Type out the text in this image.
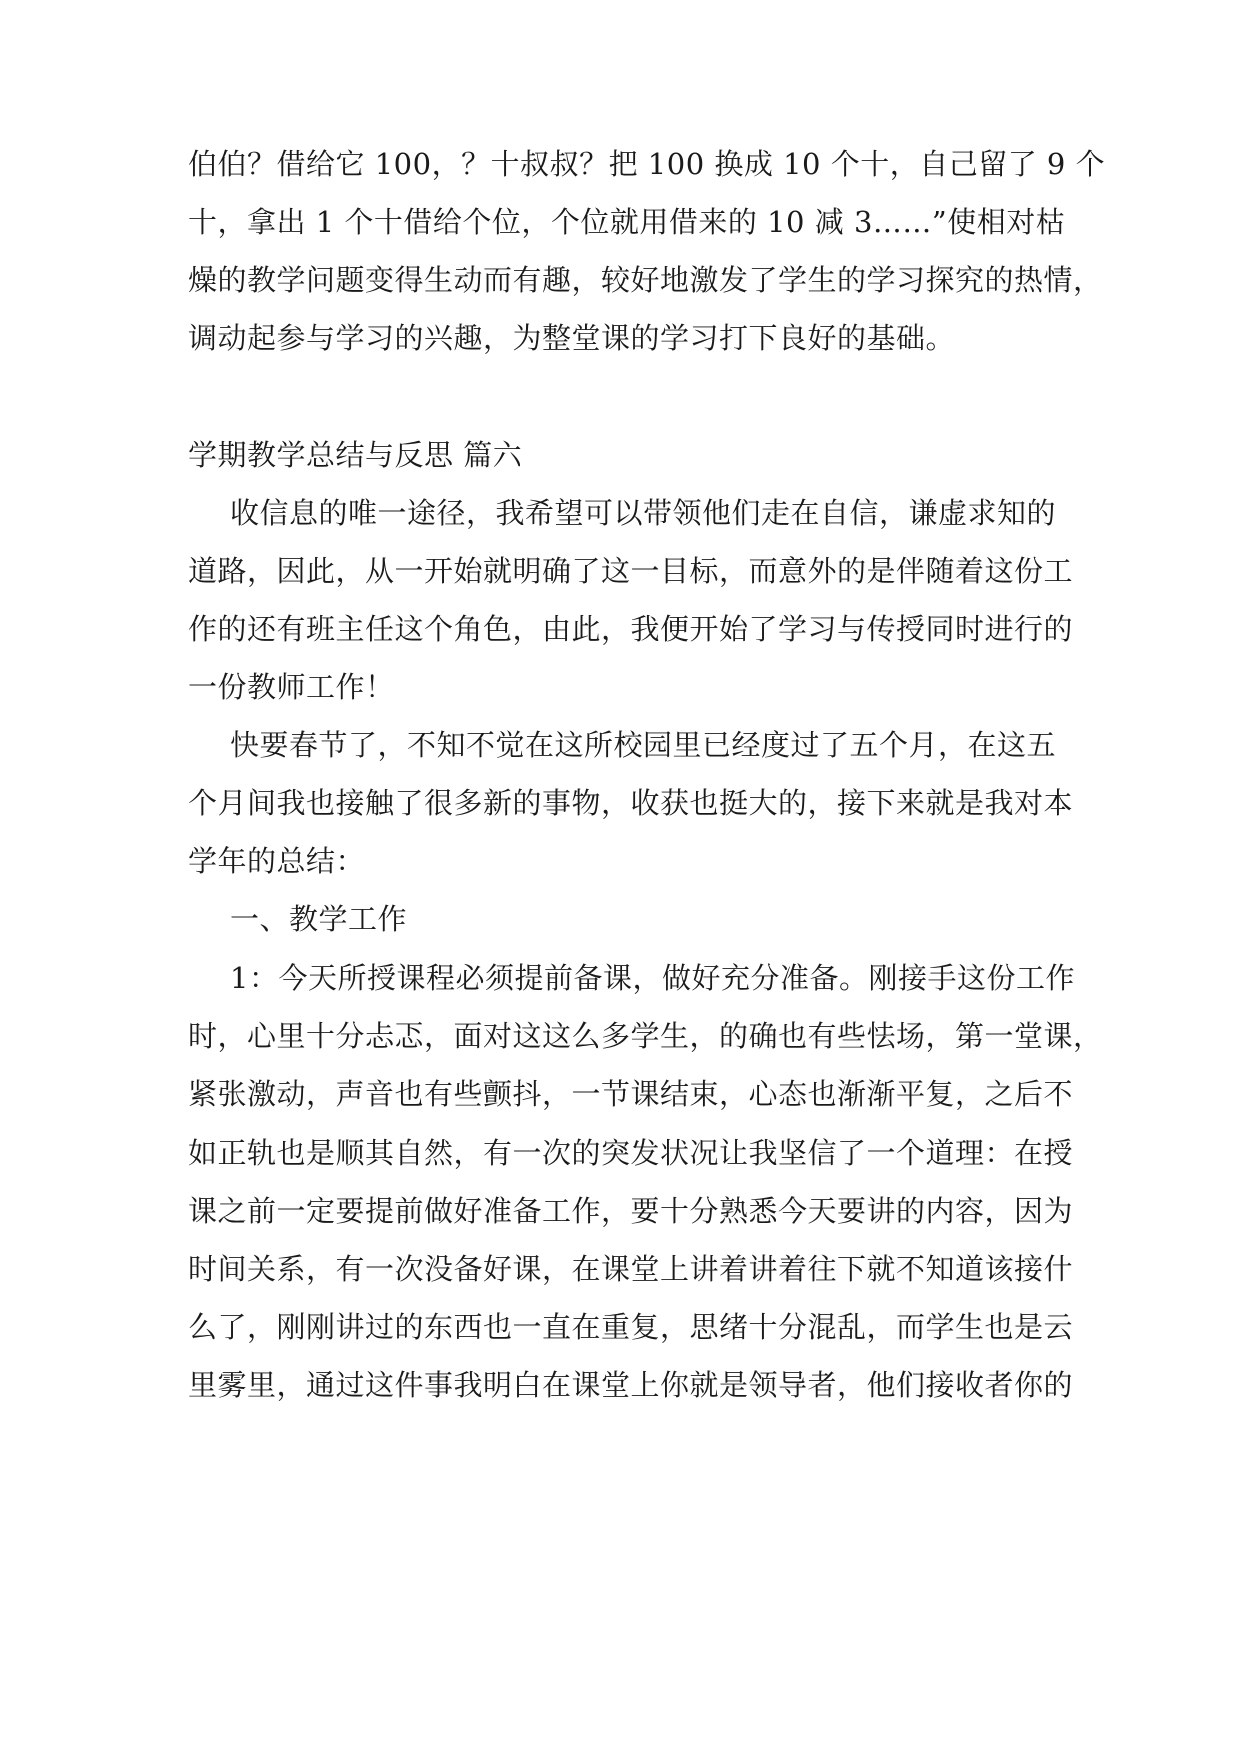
伯伯？借给它 100，？十叔叔？把 100 换成 10 个十，自己留了 9 个

十，拿出 1 个十借给个位，个位就用借来的 10 减 3……”使相对枯

燥的教学问题变得生动而有趣，较好地激发了学生的学习探究的热情，

调动起参与学习的兴趣，为整堂课的学习打下良好的基础。

学期教学总结与反思 篇六

收信息的唯一途径，我希望可以带领他们走在自信，谦虚求知的

道路，因此，从一开始就明确了这一目标，而意外的是伴随着这份工

作的还有班主任这个角色，由此，我便开始了学习与传授同时进行的

一份教师工作！

快要春节了，不知不觉在这所校园里已经度过了五个月，在这五

个月间我也接触了很多新的事物，收获也挺大的，接下来就是我对本

学年的总结：

一、教学工作

1：今天所授课程必须提前备课，做好充分准备。刚接手这份工作

时，心里十分忐忑，面对这这么多学生，的确也有些怯场，第一堂课，

紧张激动，声音也有些颤抖，一节课结束，心态也渐渐平复，之后不

如正轨也是顺其自然，有一次的突发状况让我坚信了一个道理：在授

课之前一定要提前做好准备工作，要十分熟悉今天要讲的内容，因为

时间关系，有一次没备好课，在课堂上讲着讲着往下就不知道该接什

么了，刚刚讲过的东西也一直在重复，思绪十分混乱，而学生也是云

里雾里，通过这件事我明白在课堂上你就是领导者，他们接收者你的
